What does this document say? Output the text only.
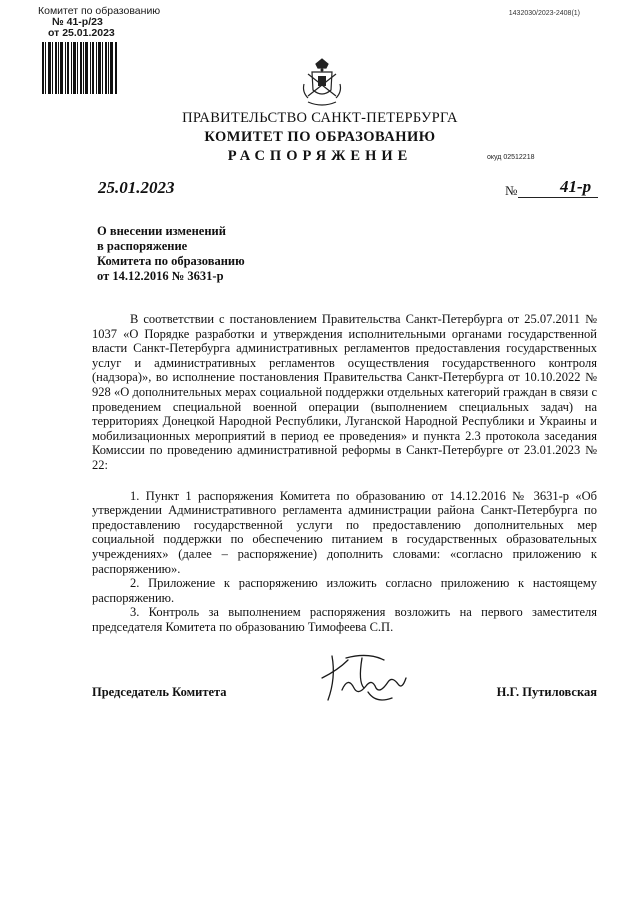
Комитет по образованию
№ 41-р/23
от 25.01.2023
1432030/2023-2408(1)
ПРАВИТЕЛЬСТВО САНКТ-ПЕТЕРБУРГА
КОМИТЕТ ПО ОБРАЗОВАНИЮ
РАСПОРЯЖЕНИЕ	окуд 02512218
25.01.2023	№	41-р
О внесении изменений
в распоряжение
Комитета по образованию
от 14.12.2016 № 3631-р

В соответствии с постановлением Правительства Санкт-Петербурга от 25.07.2011 № 1037 «О Порядке разработки и утверждения исполнительными органами государственной власти Санкт-Петербурга административных регламентов предоставления государственных услуг и административных регламентов осуществления государственного контроля (надзора)», во исполнение постановления Правительства Санкт-Петербурга от 10.10.2022 № 928 «О дополнительных мерах социальной поддержки отдельных категорий граждан в связи с проведением специальной военной операции (выполнением специальных задач) на территориях Донецкой Народной Республики, Луганской Народной Республики и Украины и мобилизационных мероприятий в период ее проведения» и пункта 2.3 протокола заседания Комиссии по проведению административной реформы в Санкт-Петербурге от 23.01.2023 № 22:

1. Пункт 1 распоряжения Комитета по образованию от 14.12.2016 № 3631-р «Об утверждении Административного регламента администрации района Санкт-Петербурга по предоставлению государственной услуги по предоставлению дополнительных мер социальной поддержки по обеспечению питанием в государственных образовательных учреждениях» (далее – распоряжение) дополнить словами: «согласно приложению к распоряжению».

2. Приложение к распоряжению изложить согласно приложению к настоящему распоряжению.

3. Контроль за выполнением распоряжения возложить на первого заместителя председателя Комитета по образованию Тимофеева С.П.

Председатель Комитета	Н.Г. Путиловская
